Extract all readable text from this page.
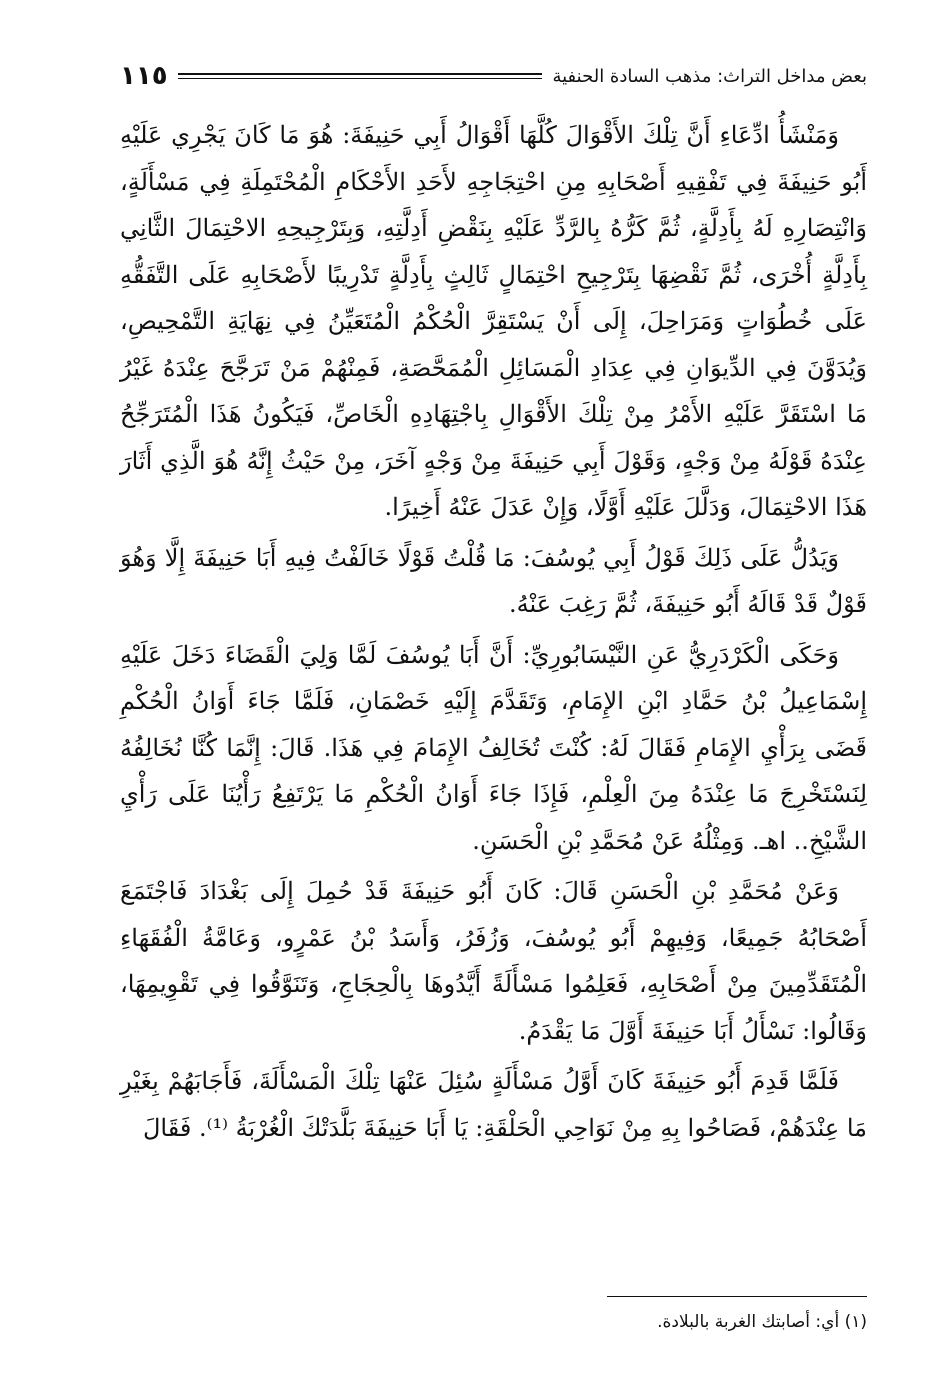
بعض مداخل التراث: مذهب السادة الحنفية
١١٥

وَمَنْشَأُ ادِّعَاءِ أَنَّ تِلْكَ الأَقْوَالَ كُلَّهَا أَقْوَالُ أَبِي حَنِيفَةَ: هُوَ مَا كَانَ يَجْرِي عَلَيْهِ أَبُو حَنِيفَةَ فِي تَفْقِيهِ أَصْحَابِهِ مِنِ احْتِجَاجِهِ لأَحَدِ الأَحْكَامِ الْمُحْتَمِلَةِ فِي مَسْأَلَةٍ، وَانْتِصَارِهِ لَهُ بِأَدِلَّةٍ، ثُمَّ كَرُّهُ بِالرَّدِّ عَلَيْهِ بِنَقْضِ أَدِلَّتِهِ، وَبِتَرْجِيحِهِ الاحْتِمَالَ الثَّانِي بِأَدِلَّةٍ أُخْرَى، ثُمَّ نَقْضِهَا بِتَرْجِيحِ احْتِمَالٍ ثَالِثٍ بِأَدِلَّةٍ تَدْرِيبًا لأَصْحَابِهِ عَلَى التَّفَقُّهِ عَلَى خُطُوَاتٍ وَمَرَاحِلَ، إِلَى أَنْ يَسْتَقِرَّ الْحُكْمُ الْمُتَعَيِّنُ فِي نِهَايَةِ التَّمْحِيصِ، وَيُدَوَّنَ فِي الدِّيوَانِ فِي عِدَادِ الْمَسَائِلِ الْمُمَحَّصَةِ، فَمِنْهُمْ مَنْ تَرَجَّحَ عِنْدَهُ غَيْرُ مَا اسْتَقَرَّ عَلَيْهِ الأَمْرُ مِنْ تِلْكَ الأَقْوَالِ بِاجْتِهَادِهِ الْخَاصِّ، فَيَكُونُ هَذَا الْمُتَرَجِّحُ عِنْدَهُ قَوْلَهُ مِنْ وَجْهٍ، وَقَوْلَ أَبِي حَنِيفَةَ مِنْ وَجْهٍ آخَرَ، مِنْ حَيْثُ إِنَّهُ هُوَ الَّذِي أَثَارَ هَذَا الاحْتِمَالَ، وَدَلَّلَ عَلَيْهِ أَوَّلًا، وَإِنْ عَدَلَ عَنْهُ أَخِيرًا.

وَيَدُلُّ عَلَى ذَلِكَ قَوْلُ أَبِي يُوسُفَ: مَا قُلْتُ قَوْلًا خَالَفْتُ فِيهِ أَبَا حَنِيفَةَ إِلَّا وَهُوَ قَوْلٌ قَدْ قَالَهُ أَبُو حَنِيفَةَ، ثُمَّ رَغِبَ عَنْهُ.

وَحَكَى الْكَرْدَرِيُّ عَنِ النَّيْسَابُورِيِّ: أَنَّ أَبَا يُوسُفَ لَمَّا وَلِيَ الْقَضَاءَ دَخَلَ عَلَيْهِ إِسْمَاعِيلُ بْنُ حَمَّادِ ابْنِ الإِمَامِ، وَتَقَدَّمَ إِلَيْهِ خَصْمَانِ، فَلَمَّا جَاءَ أَوَانُ الْحُكْمِ قَضَى بِرَأْيِ الإِمَامِ فَقَالَ لَهُ: كُنْتَ تُخَالِفُ الإِمَامَ فِي هَذَا. قَالَ: إِنَّمَا كُنَّا نُخَالِفُهُ لِنَسْتَخْرِجَ مَا عِنْدَهُ مِنَ الْعِلْمِ، فَإِذَا جَاءَ أَوَانُ الْحُكْمِ مَا يَرْتَفِعُ رَأْيُنَا عَلَى رَأْيِ الشَّيْخِ.. اهـ. وَمِثْلُهُ عَنْ مُحَمَّدِ بْنِ الْحَسَنِ.

وَعَنْ مُحَمَّدِ بْنِ الْحَسَنِ قَالَ: كَانَ أَبُو حَنِيفَةَ قَدْ حُمِلَ إِلَى بَغْدَادَ فَاجْتَمَعَ أَصْحَابُهُ جَمِيعًا، وَفِيهِمْ أَبُو يُوسُفَ، وَزُفَرُ، وَأَسَدُ بْنُ عَمْرٍو، وَعَامَّةُ الْفُقَهَاءِ الْمُتَقَدِّمِينَ مِنْ أَصْحَابِهِ، فَعَلِمُوا مَسْأَلَةً أَيَّدُوهَا بِالْحِجَاجِ، وَتَنَوَّقُوا فِي تَقْوِيمِهَا، وَقَالُوا: نَسْأَلُ أَبَا حَنِيفَةَ أَوَّلَ مَا يَقْدَمُ.

فَلَمَّا قَدِمَ أَبُو حَنِيفَةَ كَانَ أَوَّلُ مَسْأَلَةٍ سُئِلَ عَنْهَا تِلْكَ الْمَسْأَلَةَ، فَأَجَابَهُمْ بِغَيْرِ مَا عِنْدَهُمْ، فَصَاحُوا بِهِ مِنْ نَوَاحِي الْحَلْقَةِ: يَا أَبَا حَنِيفَةَ بَلَّدَتْكَ الْغُرْبَةُ ⁽¹⁾. فَقَالَ

(١) أي: أصابتك الغربة بالبلادة.
